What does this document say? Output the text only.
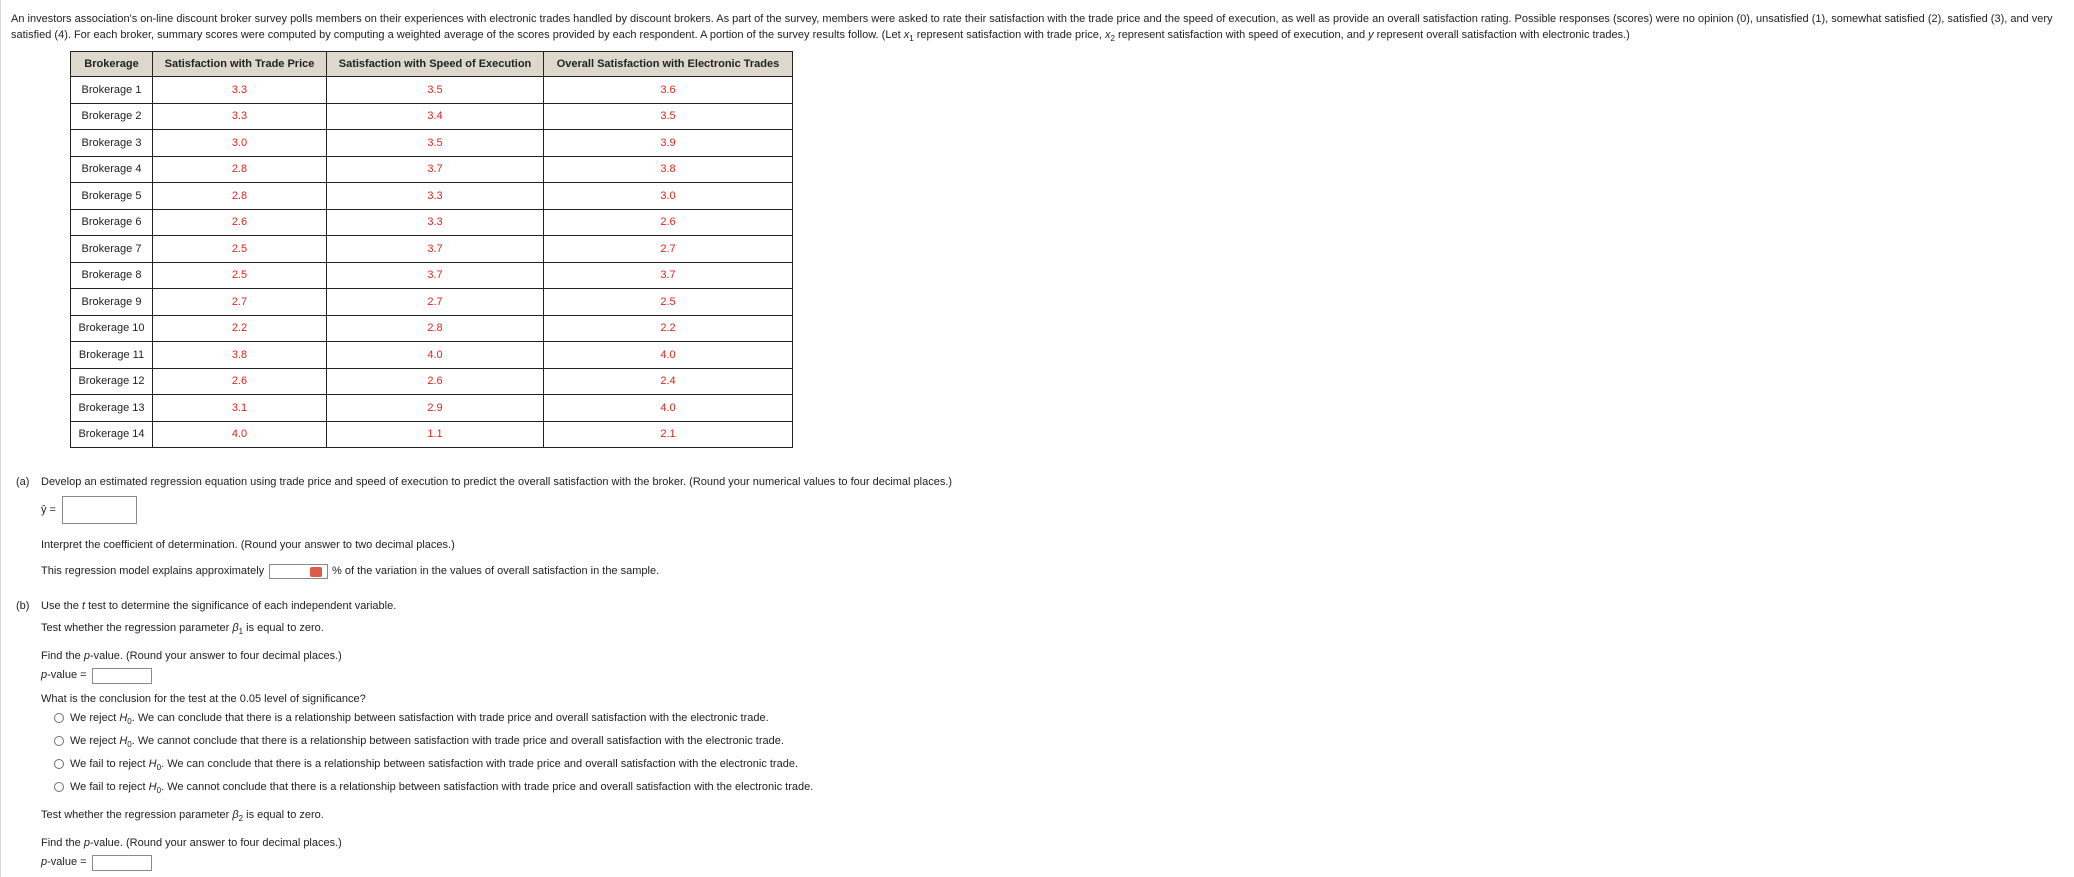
An investors association's on-line discount broker survey polls members on their experiences with electronic trades handled by discount brokers. As part of the survey, members were asked to rate their satisfaction with the trade price and the speed of execution, as well as provide an overall satisfaction rating. Possible responses (scores) were no opinion (0), unsatisfied (1), somewhat satisfied (2), satisfied (3), and very satisfied (4). For each broker, summary scores were computed by computing a weighted average of the scores provided by each respondent. A portion of the survey results follow. (Let $x_1$ represent satisfaction with trade price, $x_2$ represent satisfaction with speed of execution, and y represent overall satisfaction with electronic trades.)
Brokerage	Satisfaction with Trade Price	Satisfaction with Speed of Execution	Overall Satisfaction with Electronic Trades
Brokerage 1	3.3	3.5	3.6
Brokerage 2	3.3	3.4	3.5
Brokerage 3	3.0	3.5	3.9
Brokerage 4	2.8	3.7	3.8
Brokerage 5	2.8	3.3	3.0
Brokerage 6	2.6	3.3	2.6
Brokerage 7	2.5	3.7	2.7
Brokerage 8	2.5	3.7	3.7
Brokerage 9	2.7	2.7	2.5
Brokerage 10	2.2	2.8	2.2
Brokerage 11	3.8	4.0	4.0
Brokerage 12	2.6	2.6	2.4
Brokerage 13	3.1	2.9	4.0
Brokerage 14	4.0	1.1	2.1
(a) Develop an estimated regression equation using trade price and speed of execution to predict the overall satisfaction with the broker. (Round your numerical values to four decimal places.)
ŷ =
Interpret the coefficient of determination. (Round your answer to two decimal places.)
This regression model explains approximately	% of the variation in the values of overall satisfaction in the sample.
(b) Use the t test to determine the significance of each independent variable.
Test whether the regression parameter $\beta_1$ is equal to zero.
Find the p-value. (Round your answer to four decimal places.)
p-value =
What is the conclusion for the test at the 0.05 level of significance?
We reject $H_0$. We can conclude that there is a relationship between satisfaction with trade price and overall satisfaction with the electronic trade.
We reject $H_0$. We cannot conclude that there is a relationship between satisfaction with trade price and overall satisfaction with the electronic trade.
We fail to reject $H_0$. We can conclude that there is a relationship between satisfaction with trade price and overall satisfaction with the electronic trade.
We fail to reject $H_0$. We cannot conclude that there is a relationship between satisfaction with trade price and overall satisfaction with the electronic trade.
Test whether the regression parameter $\beta_2$ is equal to zero.
Find the p-value. (Round your answer to four decimal places.)
p-value =
